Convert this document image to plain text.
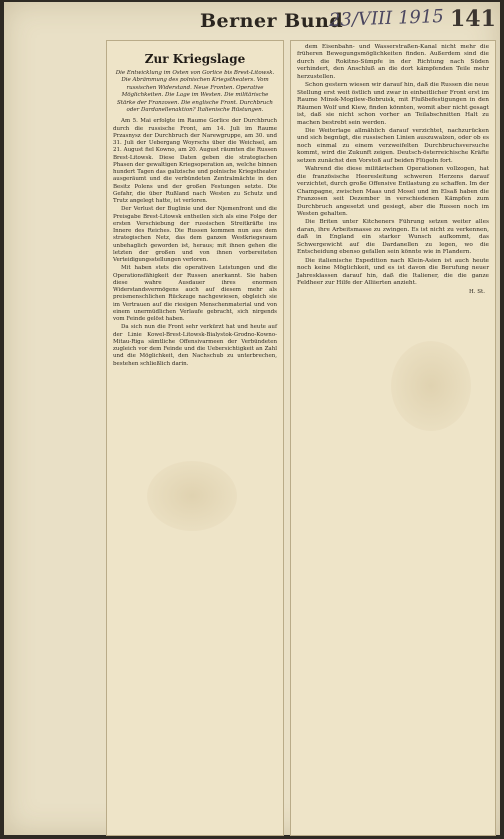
Berner Bund
23/VIII 1915 141
Zur Kriegslage
Die Entwicklung im Osten von Gorlice bis Brest-Litowsk. Die Abrämmung des polnischen Kriegstheaters. Vom russischen Widerstand. Neue Fronten. Operative Möglichkeiten. Die Lage im Westen. Die militärische Stärke der Franzosen. Die englische Front. Durchbruch oder Dardanellenaktion? Italienische Rüstungen.

Am 5. Mai erfolgte im Raume Gorlice der Durchbruch durch die russische Front, am 14. Juli im Raume Przasnysz der Durchbruch der Narewgruppe, am 30. und 31. Juli der Uebergang Woyrschs über die Weichsel, am 21. August fiel Kowno, am 20. August räumten die Russen Brest-Litowsk. Diese Daten geben die strategischen Phasen der gewaltigen Kriegsoperation an, welche binnen hundert Tagen das galizische und polnische Kriegstheater ausgeräumt und die verbündeten Zentralmächte in den Besitz Polens und der großen Festungen setzte. Die Gefahr, die über Rußland nach Westen zu Schutz und Trutz angelegt hatte, ist verloren.

Der Verlust der Buglinie und der Njemenfront und die Preisgabe Brest-Litowsk entheilen sich als eine Folge der ersten Verschiebung der russischen Streitkräfte ins Innere des Reiches. Die Russen kommen nun aus dem strategischen Netz, das dem ganzen Westkriegsraum unbehaglich geworden ist, heraus; mit ihnen gehen die letzten der großen und von ihnen vorbereiteten Verteidigungsstellungen verloren.

Mit haben stets die operativen Leistungen und die Operationsfähigkeit der Russen anerkannt. Sie haben diese wahre Ausdauer ihres enormen Widerstandsvermögens auch auf diesem mehr als preismenschlichen Rückzuge nachgewiesen, obgleich sie im Vertrauen auf die riesigen Menschenmaterial und von einem unermüdlichen Verlaufe gebracht, sich nirgends vom Feinde gelöst haben.

Da sich nun die Front sehr verkürzt hat und heute auf der Linie Kowel-Brest-Litowsk-Bialystok-Grodno-Kowno-Mitau-Riga sämtliche Offensivarmeen der Verbündeten zugleich vor dem Feinde und die Uebersichtigkeit an Zahl und die Möglichkeit, den Nachschub zu unterbrechen, bestehen schließlich darin.

dem Eisenbahn- und Wasserstraßen-Kanal nicht mehr die früheren Bewegungsmöglichkeiten finden. Außerdem sind die durch die Rokitno-Sümpfe in der Richtung nach Süden verhindert, den Anschluß an die dort kämpfenden Teile mehr herzustellen.

Schon gestern wiesen wir darauf hin, daß die Russen die neue Stellung erst weit östlich und zwar in einheitlicher Front erst im Raume Minsk-Mogilew-Bobruisk, mit Flußbefestigungen in den Räumen Wolf und Kiew, finden könnten, womit aber nicht gesagt ist, daß sie nicht schon vorher an Teilabschnitten Halt zu machen bestrebt sein werden.

Die Weiterlage allmählich darauf verzichtet, nachzurücken und sich begnügt, die russischen Linien auszuwalzen, oder ob es noch einmal zu einem verzweifelten Durchbruchsversuche kommt, wird die Zukunft zeigen. Deutsch-österreichische Kräfte setzen zunächst den Vorstoß auf beiden Flügeln fort.

Wahrend die diese militärischen Operationen vollzogen, hat die französische Heeresleitung schweren Herzens darauf verzichtet, durch große Offensive Entlastung zu schaffen. Im der Champagne, zwischen Maas und Mosel und im Elsaß haben die Franzosen seit Dezember in verschiedenen Kämpfen zum Durchbruch angesetzt und gesiegt, aber die Russen noch im Westen gehalten.

Die Briten unter Kitcheners Führung setzen weiter alles daran, ihre Arbeitsmasse zu zwingen. Es ist nicht zu verkennen, daß in England ein starker Wunsch aufkommt, das Schwergewicht auf die Dardanellen zu legen, wo die Entscheidung ebenso gefallen sein könnte wie in Flandern.

Die italienische Expedition nach Klein-Asien ist auch heute noch keine Möglichkeit, und es ist davon die Berufung neuer Jahresklassen darauf hin, daß die Italiener, die die ganze Feldheer zur Hilfe der Alliierten anzieht.

H. St.
